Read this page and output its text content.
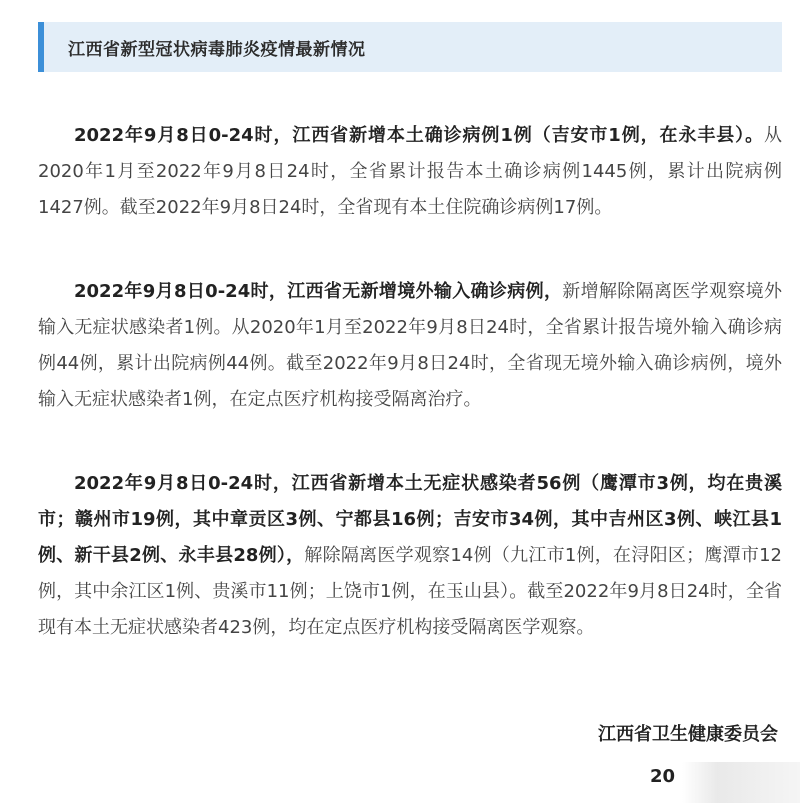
江西省新型冠状病毒肺炎疫情最新情况

2022年9月8日0-24时，江西省新增本土确诊病例1例（吉安市1例，在永丰县）。从2020年1月至2022年9月8日24时，全省累计报告本土确诊病例1445例，累计出院病例1427例。截至2022年9月8日24时，全省现有本土住院确诊病例17例。

2022年9月8日0-24时，江西省无新增境外输入确诊病例，新增解除隔离医学观察境外输入无症状感染者1例。从2020年1月至2022年9月8日24时，全省累计报告境外输入确诊病例44例，累计出院病例44例。截至2022年9月8日24时，全省现无境外输入确诊病例，境外输入无症状感染者1例，在定点医疗机构接受隔离治疗。

2022年9月8日0-24时，江西省新增本土无症状感染者56例（鹰潭市3例，均在贵溪市；赣州市19例，其中章贡区3例、宁都县16例；吉安市34例，其中吉州区3例、峡江县1例、新干县2例、永丰县28例），解除隔离医学观察14例（九江市1例，在浔阳区；鹰潭市12例，其中余江区1例、贵溪市11例；上饶市1例，在玉山县）。截至2022年9月8日24时，全省现有本土无症状感染者423例，均在定点医疗机构接受隔离医学观察。

江西省卫生健康委员会
20
